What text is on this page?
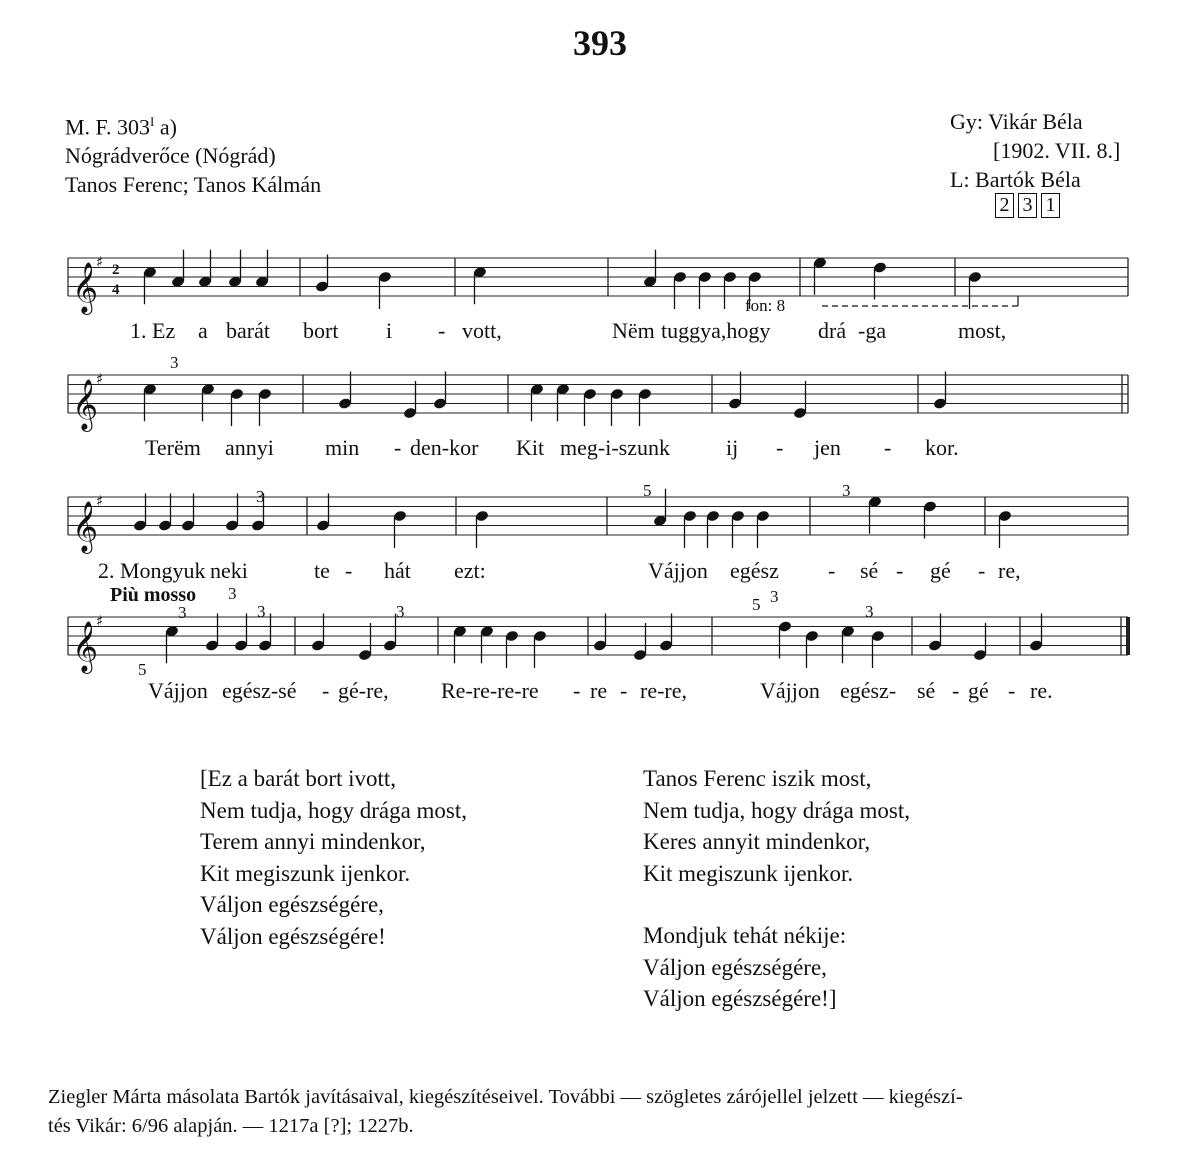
393
M. F. $303^I$ a)
Nógrádverőce (Nógrád)
Tanos Ferenc; Tanos Kálmán
Gy: Vikár Béla
[1902. VII. 8.]
L: Bartók Béla
2 3 1
𝄞
♯ 2
4
𝄞
♯
𝄞
♯
𝄞
♯
1. Ez a barát bort i - vott,	Nëm tuggya,hogy drá -ga	most,
fon: 8
Terëm annyi min - den-kor Kit meg-i-szunk	ij - jen - kor.
2. Mongyuk neki	te - hát ezt:	Vájjon egész - sé - gé - re,
Più mosso
Vájjon egész-sé - gé-re, Re-re-re-re - re - re-re,	Vájjon egész- sé - gé - re.
3
3	5	3
3	3	3	5 3
5
3
3
[Ez a barát bort ivott,
Nem tudja, hogy drága most,
Terem annyi mindenkor,
Kit megiszunk ijenkor.
Váljon egészségére,
Váljon egészségére!
Tanos Ferenc iszik most,
Nem tudja, hogy drága most,
Keres annyit mindenkor,
Kit megiszunk ijenkor.
Mondjuk tehát nékije:
Váljon egészségére,
Váljon egészségére!]
Ziegler Márta másolata Bartók javításaival, kiegészítéseivel. További — szögletes zárójellel jelzett — kiegészí-
tés Vikár: 6/96 alapján. — 1217a [?]; 1227b.
